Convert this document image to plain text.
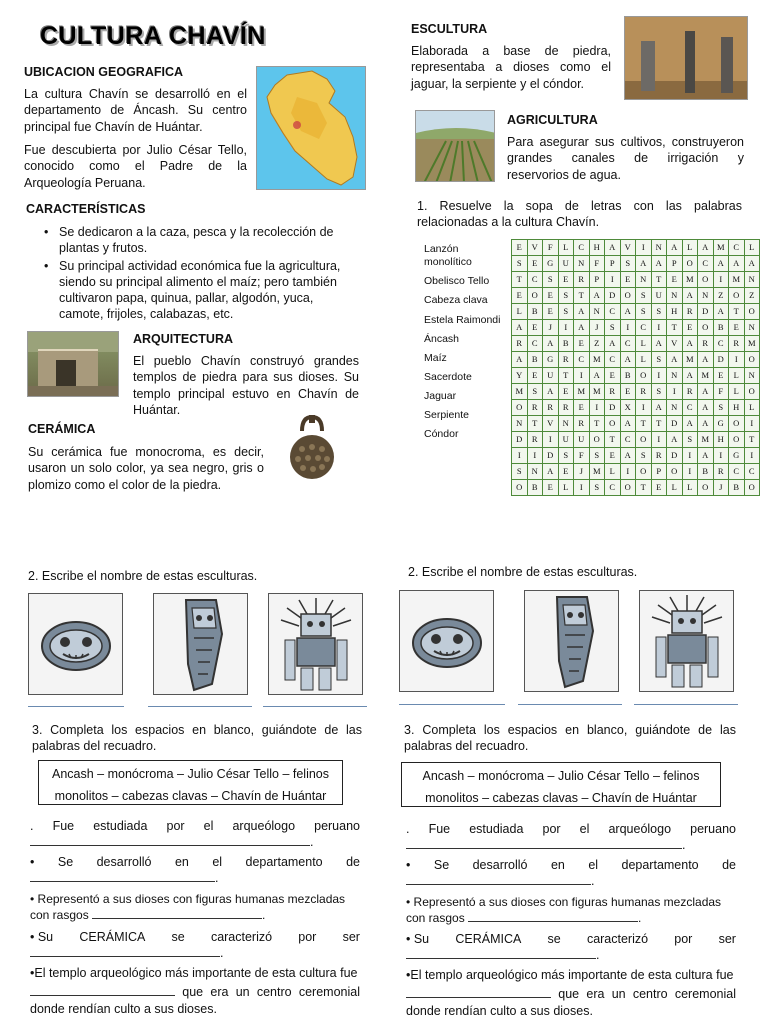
CULTURA CHAVÍN
UBICACION GEOGRAFICA
La cultura Chavín se desarrolló en el departamento de Áncash. Su centro principal fue Chavín de Huántar.
Fue descubierta por Julio César Tello, conocido como el Padre de la Arqueología Peruana.
CARACTERÍSTICAS
• Se dedicaron a la caza, pesca y la recolección de plantas y frutos.
• Su principal actividad económica fue la agricultura, siendo su principal alimento el maíz; pero también cultivaron papa, quinua, pallar, algodón, yuca, camote, frijoles, calabazas, etc.
ARQUITECTURA
El pueblo Chavín construyó grandes templos de piedra para sus dioses. Su templo principal estuvo en Chavín de Huántar.
CERÁMICA
Su cerámica fue monocroma, es decir, usaron un solo color, ya sea negro, gris o plomizo como el color de la piedra.
ESCULTURA
Elaborada a base de piedra, representaba a dioses como el jaguar, la serpiente y el cóndor.
AGRICULTURA
Para asegurar sus cultivos, construyeron grandes canales de irrigación y reservorios de agua.
1. Resuelve la sopa de letras con las palabras relacionadas a la cultura Chavín.
Lanzón monolítico
Obelisco Tello
Cabeza clava
Estela Raimondi
Áncash
Maíz
Sacerdote
Jaguar
Serpiente
Cóndor
E	V	F	L	C	H	A	V	I	N	A	L	A	M	C	L
S	E	G	U	N	F	P	S	A	A	P	O	C	A	A	A
T	C	S	E	R	P	I	E	N	T	E	M	O	I	M	N
E	O	E	S	T	A	D	O	S	U	N	A	N	Z	O	Z
L	B	E	S	A	N	C	A	S	S	H	R	D	A	T	O
A	E	J	I	A	J	S	I	C	I	T	E	O	B	E	N
R	C	A	B	E	Z	A	C	L	A	V	A	R	C	R	M
A	B	G	R	C	M	C	A	L	S	A	M	A	D	I	O
Y	E	U	T	I	A	E	B	O	I	N	A	M	E	L	N
M	S	A	E	M	M	R	E	R	S	I	R	A	F	L	O
O	R	R	R	E	I	D	X	I	A	N	C	A	S	H	L
N	T	V	N	R	T	O	A	T	T	D	A	A	G	O	I
D	R	I	U	U	O	T	C	O	I	A	S	M	H	O	T
I	I	D	S	F	S	E	A	S	R	D	I	A	I	G	I
S	N	A	E	J	M	L	I	O	P	O	I	B	R	C	C
O	B	E	L	I	S	C	O	T	E	L	L	O	J	B	O
2. Escribe el nombre de estas esculturas.	2. Escribe el nombre de estas esculturas.
3. Completa los espacios en blanco, guiándote de las palabras del recuadro.
Ancash – monócroma – Julio César Tello – felinos
monolitos – cabezas clavas – Chavín de Huántar
. Fue estudiada por el arqueólogo peruano
.
• Se desarrolló en el departamento de
.
• Representó a sus dioses con figuras humanas mezcladas con rasgos	.
• Su CERÁMICA se caracterizó por ser
.
•El templo arqueológico más importante de esta cultura fue
que era un centro ceremonial donde rendían culto a sus dioses.
3. Completa los espacios en blanco, guiándote de las palabras del recuadro.
Ancash – monócroma – Julio César Tello – felinos
monolitos – cabezas clavas – Chavín de Huántar
. Fue estudiada por el arqueólogo peruano
.
• Se desarrolló en el departamento de
.
• Representó a sus dioses con figuras humanas mezcladas con rasgos	.
• Su CERÁMICA se caracterizó por ser
.
•El templo arqueológico más importante de esta cultura fue
que era un centro ceremonial donde rendían culto a sus dioses.
